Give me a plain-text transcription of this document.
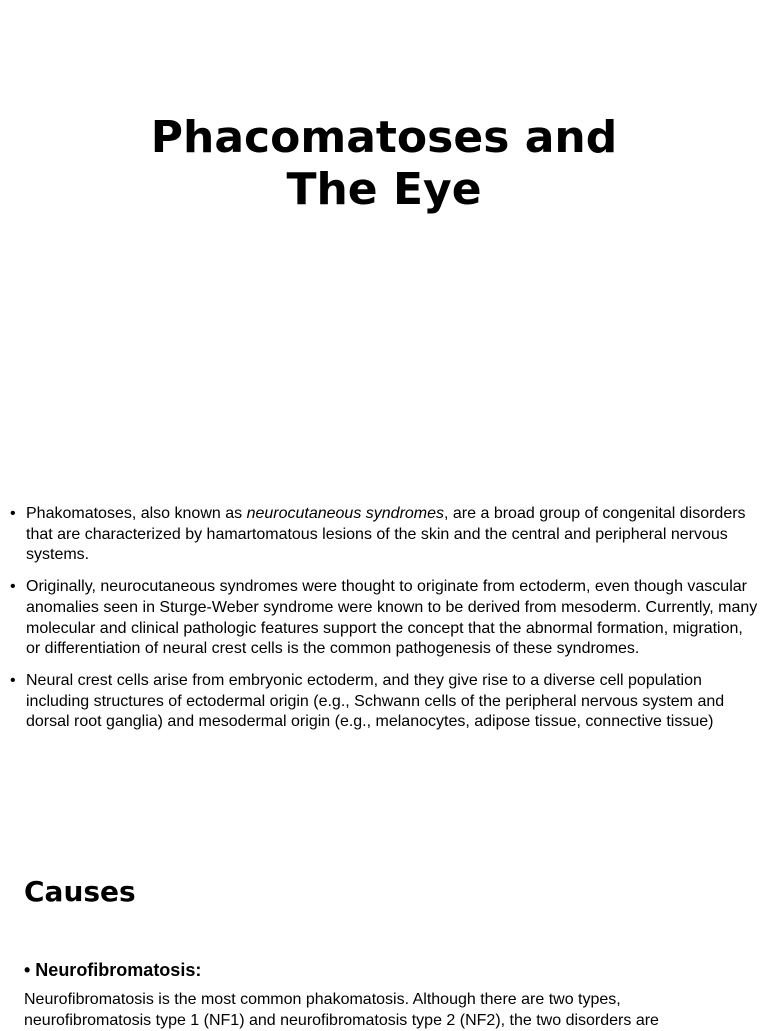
Phacomatoses and
The Eye
• Phakomatoses, also known as neurocutaneous syndromes, are a broad group of congenital disorders that are characterized by hamartomatous lesions of the skin and the central and peripheral nervous systems.
• Originally, neurocutaneous syndromes were thought to originate from ectoderm, even though vascular anomalies seen in Sturge-Weber syndrome were known to be derived from mesoderm. Currently, many molecular and clinical pathologic features support the concept that the abnormal formation, migration, or differentiation of neural crest cells is the common pathogenesis of these syndromes.
• Neural crest cells arise from embryonic ectoderm, and they give rise to a diverse cell population including structures of ectodermal origin (e.g., Schwann cells of the peripheral nervous system and dorsal root ganglia) and mesodermal origin (e.g., melanocytes, adipose tissue, connective tissue)
Causes

• Neurofibromatosis:

Neurofibromatosis is the most common phakomatosis. Although there are two types, neurofibromatosis type 1 (NF1) and neurofibromatosis type 2 (NF2), the two disorders are
